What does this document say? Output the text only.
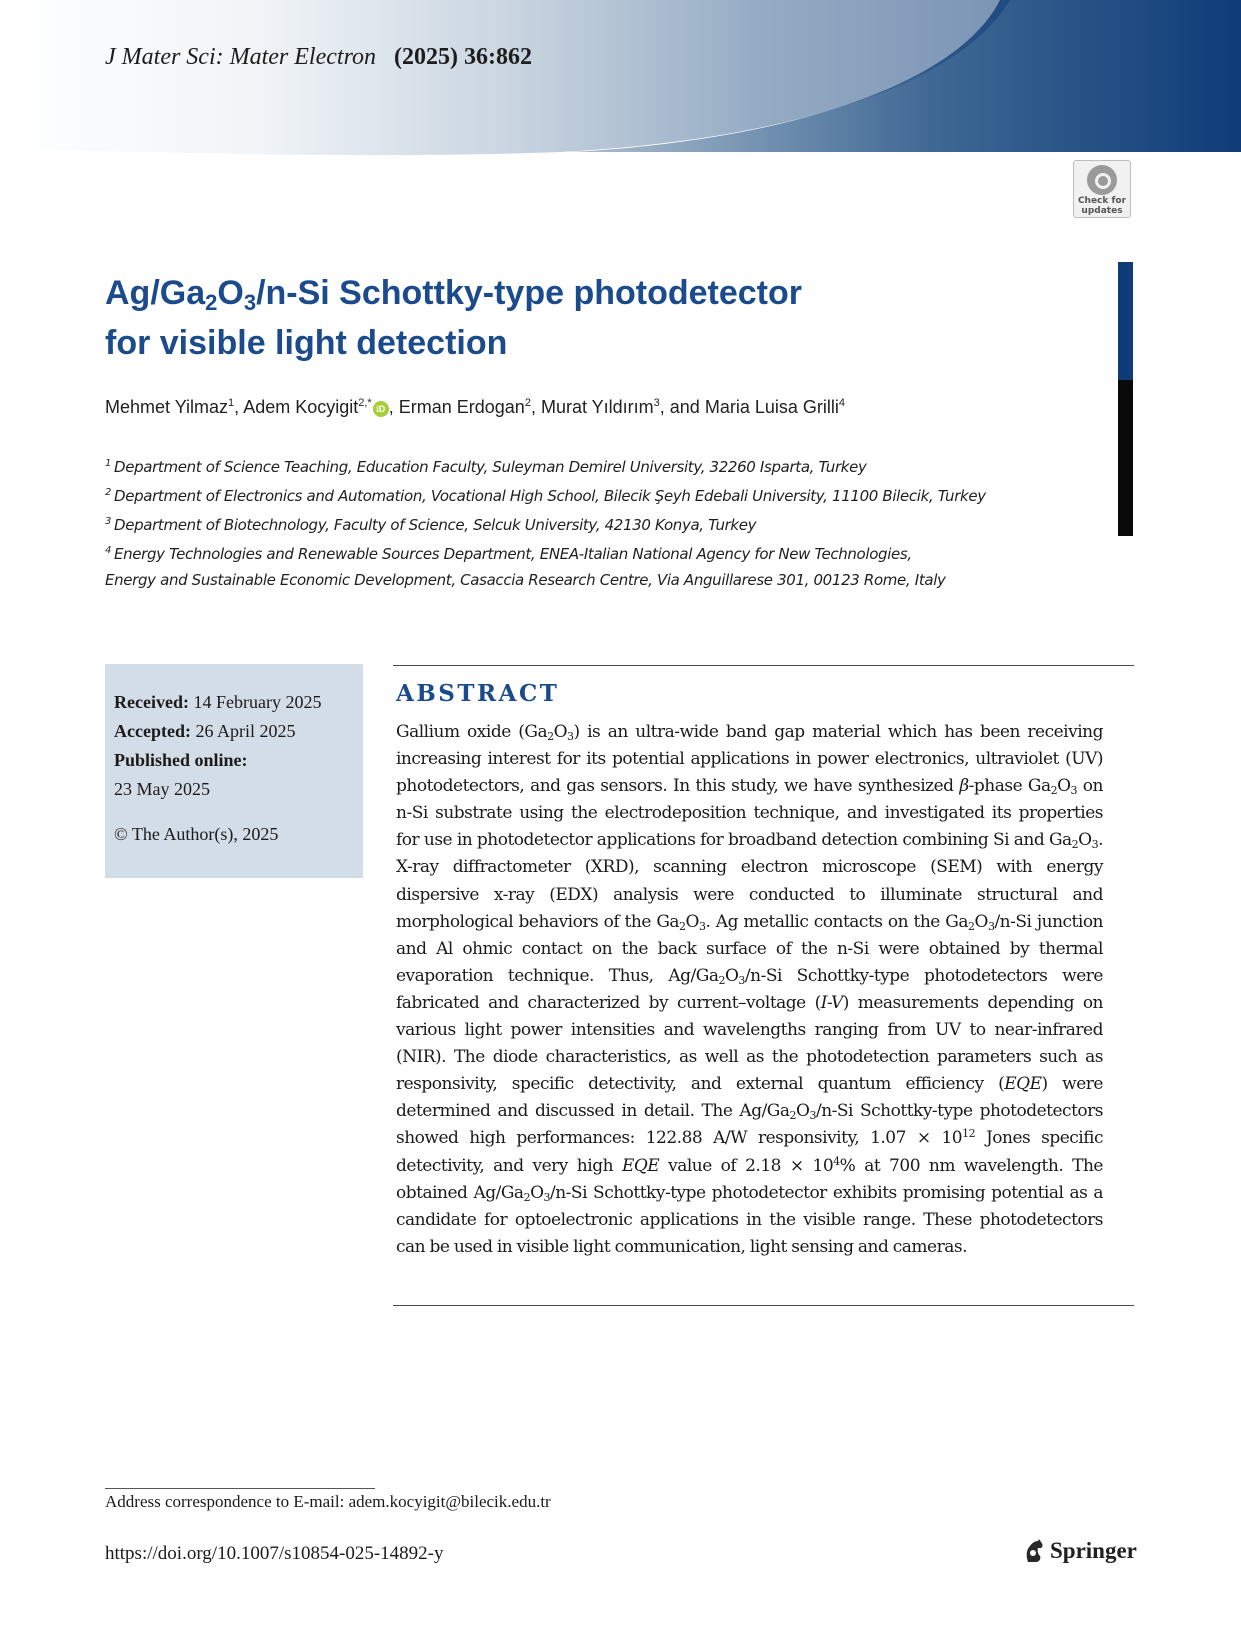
J Mater Sci: Mater Electron (2025) 36:862
Check for updates
$Ag/Ga_2O_3/n-Si$ Schottky-type photodetector
for visible light detection
Mehmet Yilmaz$^1$, Adem Kocyigit$^{2,*}$ iD , Erman Erdogan$^2$, Murat Yıldırım$^3$, and Maria Luisa Grilli$^4$
$^1$ Department of Science Teaching, Education Faculty, Suleyman Demirel University, 32260 Isparta, Turkey
$^2$ Department of Electronics and Automation, Vocational High School, Bilecik Şeyh Edebali University, 11100 Bilecik, Turkey
$^3$ Department of Biotechnology, Faculty of Science, Selcuk University, 42130 Konya, Turkey
$^4$ Energy Technologies and Renewable Sources Department, ENEA-Italian National Agency for New Technologies,
Energy and Sustainable Economic Development, Casaccia Research Centre, Via Anguillarese 301, 00123 Rome, Italy
Received: 14 February 2025
Accepted: 26 April 2025
Published online:
23 May 2025
© The Author(s), 2025
ABSTRACT

Gallium oxide $(Ga_2O_3)$ is an ultra-wide band gap material which has been receiving increasing interest for its potential applications in power electronics, ultraviolet (UV) photodetectors, and gas sensors. In this study, we have synthesized β-phase $Ga_2O_3$ on n-Si substrate using the electrodeposition technique, and investigated its properties for use in photodetector applications for broadband detection combining Si and $Ga_2O_3$. X-ray diffractometer (XRD), scanning electron microscope (SEM) with energy dispersive x-ray (EDX) analysis were conducted to illuminate structural and morphological behaviors of the $Ga_2O_3$. Ag metallic contacts on the $Ga_2O_3/n-Si$ junction and Al ohmic contact on the back surface of the n-Si were obtained by thermal evaporation technique. Thus, $Ag/Ga_2O_3/n-Si$ Schottky-type photodetectors were fabricated and characterized by current–voltage (I-V) measurements depending on various light power intensities and wavelengths ranging from UV to near-infrared (NIR). The diode characteristics, as well as the photodetection parameters such as responsivity, specific detectivity, and external quantum efficiency (EQE) were determined and discussed in detail. The $Ag/Ga_2O_3/n-Si$ Schottky-type photodetectors showed high performances: 122.88 A/W responsivity, $1.07 \times 10^{12}$ Jones specific detectivity, and very high EQE value of $2.18 \times 10^4\%$ at 700 nm wavelength. The obtained $Ag/Ga_2O_3/n-Si$ Schottky-type photodetector exhibits promising potential as a candidate for optoelectronic applications in the visible range. These photodetectors can be used in visible light communication, light sensing and cameras.

Address correspondence to E-mail: adem.kocyigit@bilecik.edu.tr
https://doi.org/10.1007/s10854-025-14892-y	Springer
